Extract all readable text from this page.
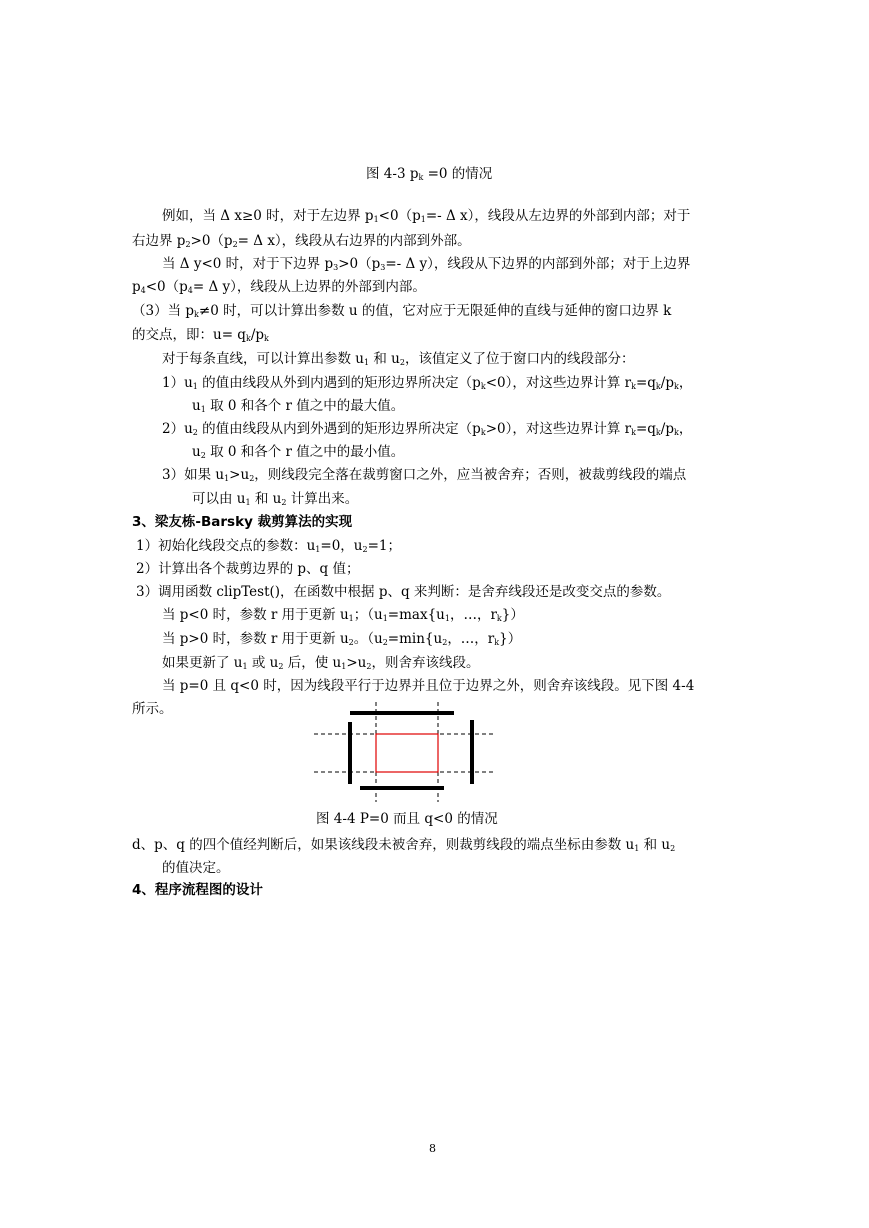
图 4-3 $p_k =0$ 的情况
例如，当 Δ x≥0 时，对于左边界 $p_1<0(p_1=-$ Δ x），线段从左边界的外部到内部；对于
右边界 $p_2>0(p_2= \Delta$ x），线段从右边界的内部到外部。
当 Δ y<0 时，对于下边界 $p_3>0(p_3=-$ Δ y），线段从下边界的内部到外部；对于上边界
$p_4<0(p_4= \Delta$ y），线段从上边界的外部到内部。
（3）当 $p_k\ne 0$ 时，可以计算出参数 u 的值，它对应于无限延伸的直线与延伸的窗口边界 k
的交点，即：$u= q_k/p_k$
对于每条直线，可以计算出参数 $u_1$ 和 $u_2$，该值定义了位于窗口内的线段部分：
$1)u_1$ 的值由线段从外到内遇到的矩形边界所决定$(p_k<0)$，对这些边界计算 $r_k=q_k/p_k$，
$u_1$ 取 0 和各个 r 值之中的最大值。
$2)u_2$ 的值由线段从内到外遇到的矩形边界所决定$(p_k>0)$，对这些边界计算 $r_k=q_k/p_k$，
$u_2$ 取 0 和各个 r 值之中的最小值。
3）如果 $u_1>u_2$，则线段完全落在裁剪窗口之外，应当被舍弃；否则，被裁剪线段的端点
可以由 $u_1$ 和 $u_2$ 计算出来。
3、梁友栋-Barsky 裁剪算法的实现
1）初始化线段交点的参数：$u_1=0$，$u_2=1$；
2）计算出各个裁剪边界的 p、q 值；
3）调用函数 clipTest()，在函数中根据 p、q 来判断：是舍弃线段还是改变交点的参数。
当 p<0 时，参数 r 用于更新 $u_1$；（$u_1=\max\{u_1$，…，$r_k$}）
当 p>0 时，参数 r 用于更新 $u_2$。（$u_2=\min\{u_2$，…，$r_k$}）
如果更新了 $u_1$ 或 $u_2$ 后，使 $u_1>u_2$，则舍弃该线段。
当 p=0 且 q<0 时，因为线段平行于边界并且位于边界之外，则舍弃该线段。见下图 4-4
所示。
图 4-4 P=0 而且 q<0 的情况
d、p、q 的四个值经判断后，如果该线段未被舍弃，则裁剪线段的端点坐标由参数 $u_1$ 和 $u_2$
的值决定。
4、程序流程图的设计
8
